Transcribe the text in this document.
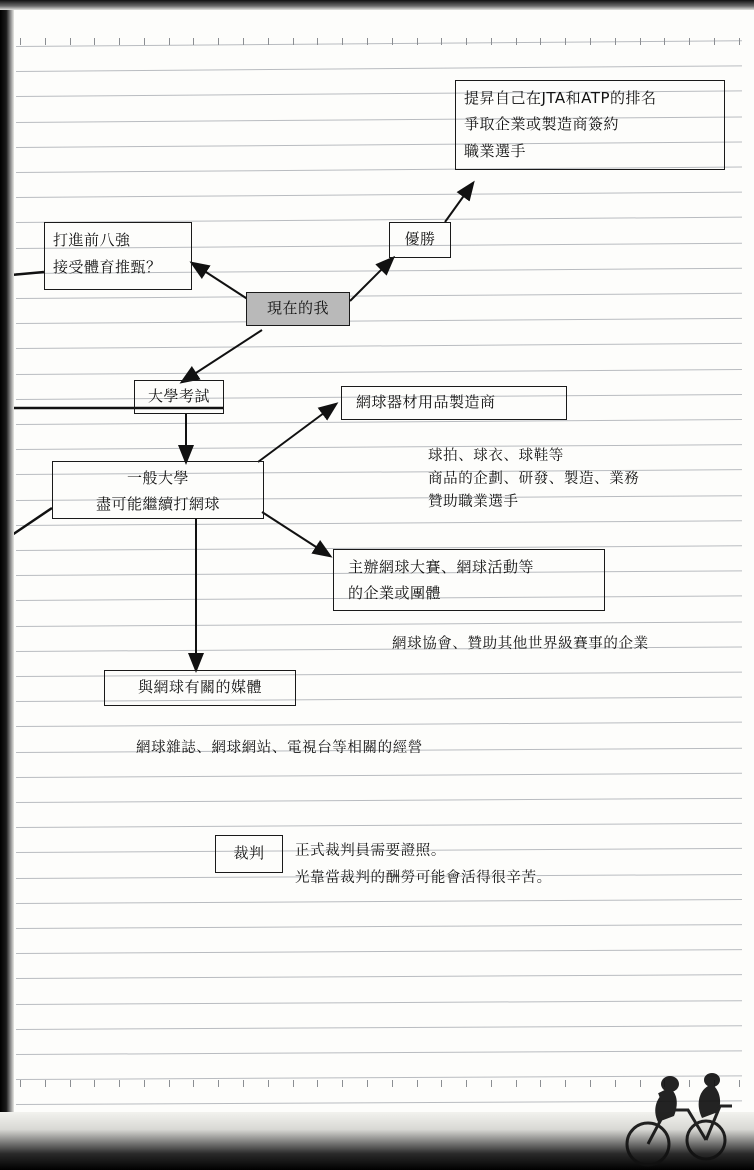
提昇自己在JTA和ATP的排名
爭取企業或製造商簽約
職業選手
打進前八強
接受體育推甄？
優勝
現在的我
大學考試
一般大學
盡可能繼續打網球
網球器材用品製造商
主辦網球大賽、網球活動等
的企業或團體
與網球有關的媒體
裁判
球拍、球衣、球鞋等
商品的企劃、研發、製造、業務
贊助職業選手
網球協會、贊助其他世界級賽事的企業
網球雜誌、網球網站、電視台等相關的經營
正式裁判員需要證照。
光靠當裁判的酬勞可能會活得很辛苦。
